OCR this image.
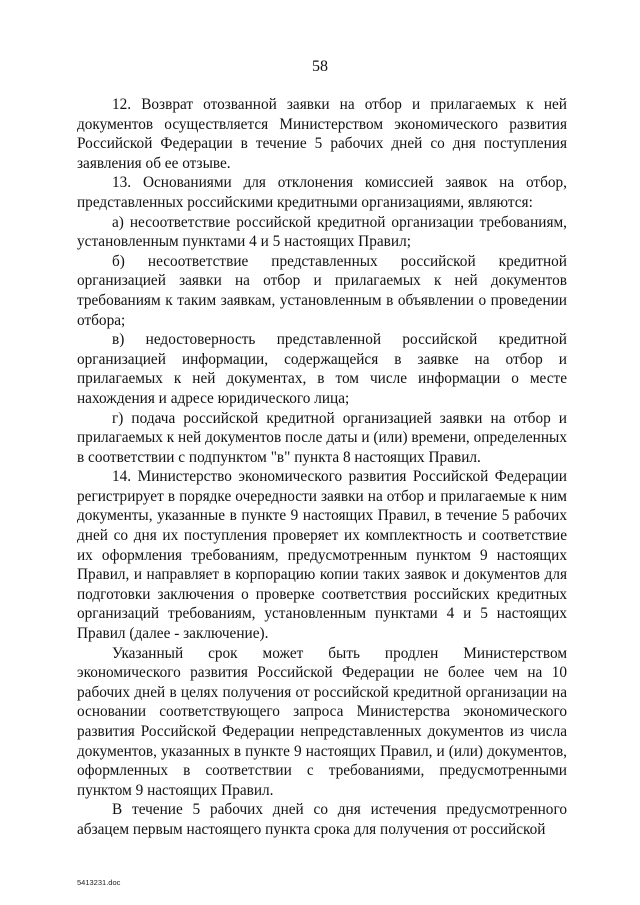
58

12. Возврат отозванной заявки на отбор и прилагаемых к ней документов осуществляется Министерством экономического развития Российской Федерации в течение 5 рабочих дней со дня поступления заявления об ее отзыве.

13. Основаниями для отклонения комиссией заявок на отбор, представленных российскими кредитными организациями, являются:

а) несоответствие российской кредитной организации требованиям, установленным пунктами 4 и 5 настоящих Правил;

б) несоответствие представленных российской кредитной организацией заявки на отбор и прилагаемых к ней документов требованиям к таким заявкам, установленным в объявлении о проведении отбора;

в) недостоверность представленной российской кредитной организацией информации, содержащейся в заявке на отбор и прилагаемых к ней документах, в том числе информации о месте нахождения и адресе юридического лица;

г) подача российской кредитной организацией заявки на отбор и прилагаемых к ней документов после даты и (или) времени, определенных в соответствии с подпунктом "в" пункта 8 настоящих Правил.

14. Министерство экономического развития Российской Федерации регистрирует в порядке очередности заявки на отбор и прилагаемые к ним документы, указанные в пункте 9 настоящих Правил, в течение 5 рабочих дней со дня их поступления проверяет их комплектность и соответствие их оформления требованиям, предусмотренным пунктом 9 настоящих Правил, и направляет в корпорацию копии таких заявок и документов для подготовки заключения о проверке соответствия российских кредитных организаций требованиям, установленным пунктами 4 и 5 настоящих Правил (далее - заключение).

Указанный срок может быть продлен Министерством экономического развития Российской Федерации не более чем на 10 рабочих дней в целях получения от российской кредитной организации на основании соответствующего запроса Министерства экономического развития Российской Федерации непредставленных документов из числа документов, указанных в пункте 9 настоящих Правил, и (или) документов, оформленных в соответствии с требованиями, предусмотренными пунктом 9 настоящих Правил.

В течение 5 рабочих дней со дня истечения предусмотренного абзацем первым настоящего пункта срока для получения от российской

5413231.doc
